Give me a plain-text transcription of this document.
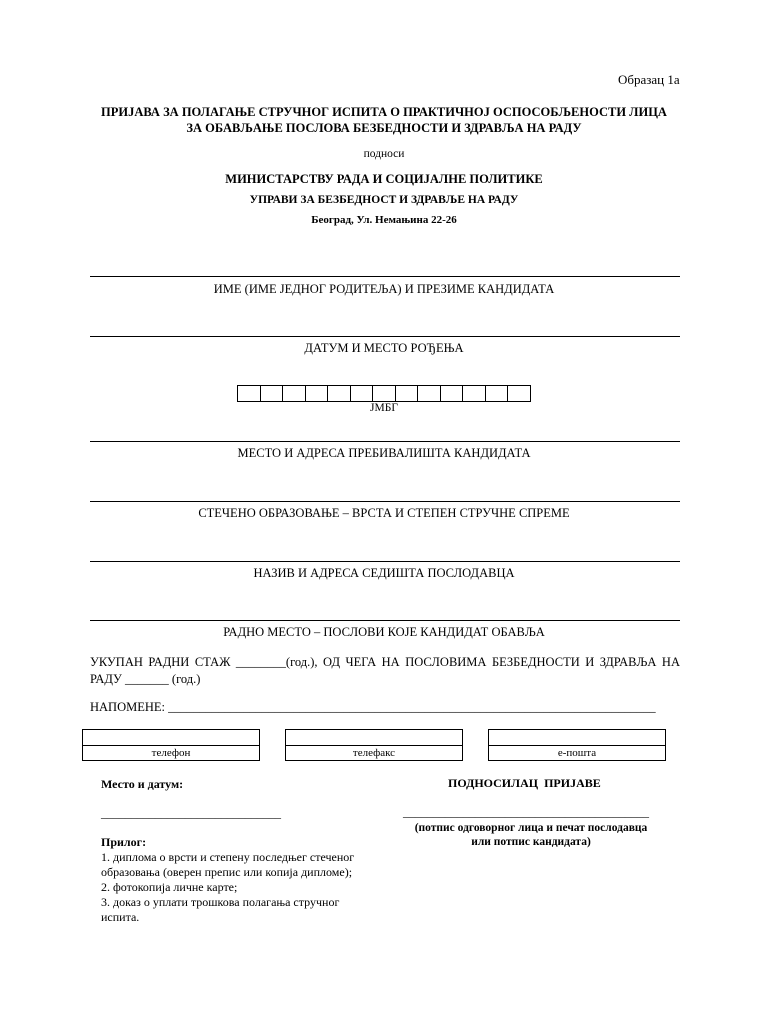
Образац 1а
ПРИЈАВА ЗА ПОЛАГАЊЕ СТРУЧНОГ ИСПИТА О ПРАКТИЧНОЈ ОСПОСОБЉЕНОСТИ ЛИЦА
ЗА ОБАВЉАЊЕ ПОСЛОВА БЕЗБЕДНОСТИ И ЗДРАВЉА НА РАДУ
подноси
МИНИСТАРСТВУ РАДА И СОЦИЈАЛНЕ ПОЛИТИКЕ
УПРАВИ ЗА БЕЗБЕДНОСТ И ЗДРАВЉЕ НА РАДУ
Београд, Ул. Немањина 22-26
ИМЕ (ИМЕ ЈЕДНОГ РОДИТЕЉА) И ПРЕЗИМЕ КАНДИДАТА
ДАТУМ И МЕСТО РОЂЕЊА
ЈМБГ
МЕСТО И АДРЕСА ПРЕБИВАЛИШТА КАНДИДАТА
СТЕЧЕНО ОБРАЗОВАЊЕ – ВРСТА И СТЕПЕН СТРУЧНЕ СПРЕМЕ
НАЗИВ И АДРЕСА СЕДИШТА ПОСЛОДАВЦА
РАДНО МЕСТО – ПОСЛОВИ КОЈЕ КАНДИДАТ ОБАВЉА
УКУПАН РАДНИ СТАЖ ________(год.), ОД ЧЕГА НА ПОСЛОВИМА БЕЗБЕДНОСТИ И ЗДРАВЉА НА РАДУ _______ (год.)
НАПОМЕНЕ: ______________________________________________________________________________
телефон	телефакс	е-пошта
Место и датум:
______________________________
ПОДНОСИЛАЦ  ПРИЈАВЕ
_________________________________________
(потпис одговорног лица и печат послодавца
или потпис кандидата)
Прилог:
1. диплома о врсти и степену последњег стеченог образовања (оверен препис или копија дипломе);
2. фотокопија личне карте;
3. доказ о уплати трошкова полагања стручног испита.
